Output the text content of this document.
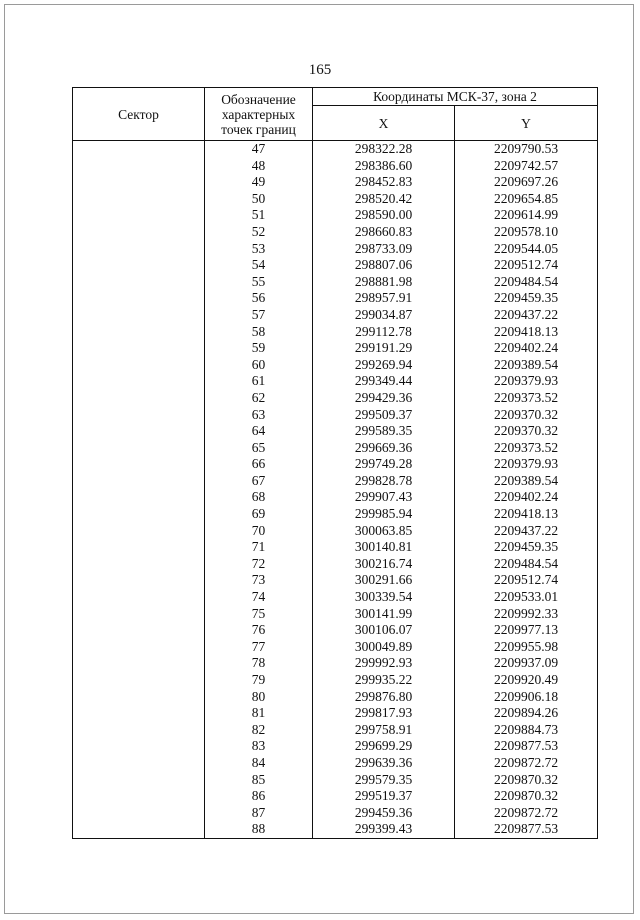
165
Сектор	Обозначение характерных точек границ	Координаты МСК-37, зона 2	
		X	Y
	47	298322.28	2209790.53
	48	298386.60	2209742.57
	49	298452.83	2209697.26
	50	298520.42	2209654.85
	51	298590.00	2209614.99
	52	298660.83	2209578.10
	53	298733.09	2209544.05
	54	298807.06	2209512.74
	55	298881.98	2209484.54
	56	298957.91	2209459.35
	57	299034.87	2209437.22
	58	299112.78	2209418.13
	59	299191.29	2209402.24
	60	299269.94	2209389.54
	61	299349.44	2209379.93
	62	299429.36	2209373.52
	63	299509.37	2209370.32
	64	299589.35	2209370.32
	65	299669.36	2209373.52
	66	299749.28	2209379.93
	67	299828.78	2209389.54
	68	299907.43	2209402.24
	69	299985.94	2209418.13
	70	300063.85	2209437.22
	71	300140.81	2209459.35
	72	300216.74	2209484.54
	73	300291.66	2209512.74
	74	300339.54	2209533.01
	75	300141.99	2209992.33
	76	300106.07	2209977.13
	77	300049.89	2209955.98
	78	299992.93	2209937.09
	79	299935.22	2209920.49
	80	299876.80	2209906.18
	81	299817.93	2209894.26
	82	299758.91	2209884.73
	83	299699.29	2209877.53
	84	299639.36	2209872.72
	85	299579.35	2209870.32
	86	299519.37	2209870.32
	87	299459.36	2209872.72
	88	299399.43	2209877.53
